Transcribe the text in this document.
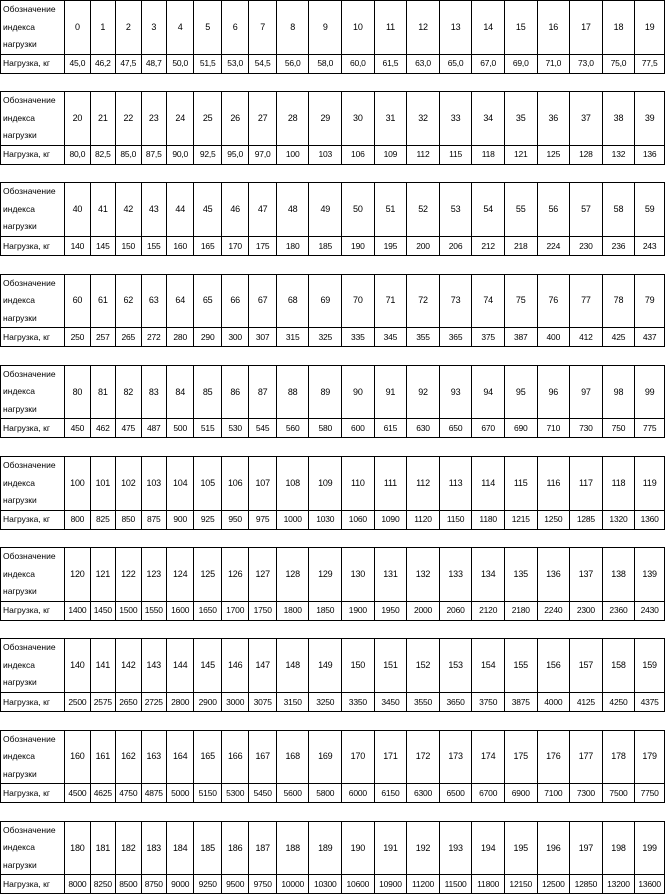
Обозначение индекса нагрузки	0	1	2	3	4	5	6	7	8	9	10	11	12	13	14	15	16	17	18	19
Нагрузка, кг	45,0	46,2	47,5	48,7	50,0	51,5	53,0	54,5	56,0	58,0	60,0	61,5	63,0	65,0	67,0	69,0	71,0	73,0	75,0	77,5
Обозначение индекса нагрузки	20	21	22	23	24	25	26	27	28	29	30	31	32	33	34	35	36	37	38	39
Нагрузка, кг	80,0	82,5	85,0	87,5	90,0	92,5	95,0	97,0	100	103	106	109	112	115	118	121	125	128	132	136
Обозначение индекса нагрузки	40	41	42	43	44	45	46	47	48	49	50	51	52	53	54	55	56	57	58	59
Нагрузка, кг	140	145	150	155	160	165	170	175	180	185	190	195	200	206	212	218	224	230	236	243
Обозначение индекса нагрузки	60	61	62	63	64	65	66	67	68	69	70	71	72	73	74	75	76	77	78	79
Нагрузка, кг	250	257	265	272	280	290	300	307	315	325	335	345	355	365	375	387	400	412	425	437
Обозначение индекса нагрузки	80	81	82	83	84	85	86	87	88	89	90	91	92	93	94	95	96	97	98	99
Нагрузка, кг	450	462	475	487	500	515	530	545	560	580	600	615	630	650	670	690	710	730	750	775
Обозначение индекса нагрузки	100	101	102	103	104	105	106	107	108	109	110	111	112	113	114	115	116	117	118	119
Нагрузка, кг	800	825	850	875	900	925	950	975	1000	1030	1060	1090	1120	1150	1180	1215	1250	1285	1320	1360
Обозначение индекса нагрузки	120	121	122	123	124	125	126	127	128	129	130	131	132	133	134	135	136	137	138	139
Нагрузка, кг	1400	1450	1500	1550	1600	1650	1700	1750	1800	1850	1900	1950	2000	2060	2120	2180	2240	2300	2360	2430
Обозначение индекса нагрузки	140	141	142	143	144	145	146	147	148	149	150	151	152	153	154	155	156	157	158	159
Нагрузка, кг	2500	2575	2650	2725	2800	2900	3000	3075	3150	3250	3350	3450	3550	3650	3750	3875	4000	4125	4250	4375
Обозначение индекса нагрузки	160	161	162	163	164	165	166	167	168	169	170	171	172	173	174	175	176	177	178	179
Нагрузка, кг	4500	4625	4750	4875	5000	5150	5300	5450	5600	5800	6000	6150	6300	6500	6700	6900	7100	7300	7500	7750
Обозначение индекса нагрузки	180	181	182	183	184	185	186	187	188	189	190	191	192	193	194	195	196	197	198	199
Нагрузка, кг	8000	8250	8500	8750	9000	9250	9500	9750	10000	10300	10600	10900	11200	11500	11800	12150	12500	12850	13200	13600
